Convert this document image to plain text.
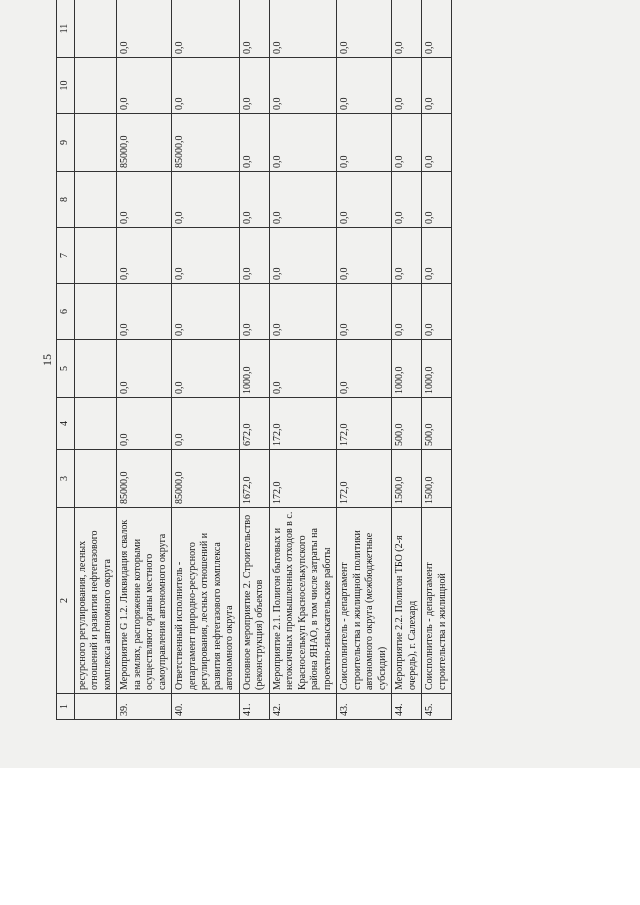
15
1	2	3	4	5	6	7	8	9	10	11
	ресурсного регулирования, лесных отношений и развития нефтегазового комплекса автономного округа									
39.	Мероприятие G 1.2. Ликвидация свалок на землях, распоряжение которыми осуществляют органы местного самоуправления автономного округа	85000,0	0,0	0,0	0,0	0,0	0,0	85000,0	0,0	0,0
40.	Ответственный исполнитель - департамент природно-ресурсного регулирования, лесных отношений и развития нефтегазового комплекса автономного округа	85000,0	0,0	0,0	0,0	0,0	0,0	85000,0	0,0	0,0
41.	Основное мероприятие 2. Строительство (реконструкция) объектов	1672,0	672,0	1000,0	0,0	0,0	0,0	0,0	0,0	0,0
42.	Мероприятие 2.1. Полигон бытовых и нетоксичных промышленных отходов в с. Красноселькуп Красноселькупского района ЯНАО, в том числе затраты на проектно-изыскательские работы	172,0	172,0	0,0	0,0	0,0	0,0	0,0	0,0	0,0
43.	Соисполнитель - департамент строительства и жилищной политики автономного округа (межбюджетные субсидии)	172,0	172,0	0,0	0,0	0,0	0,0	0,0	0,0	0,0
44.	Мероприятие 2.2. Полигон ТБО (2-я очередь), г. Салехард	1500,0	500,0	1000,0	0,0	0,0	0,0	0,0	0,0	0,0
45.	Соисполнитель - департамент строительства и жилищной	1500,0	500,0	1000,0	0,0	0,0	0,0	0,0	0,0	0,0
